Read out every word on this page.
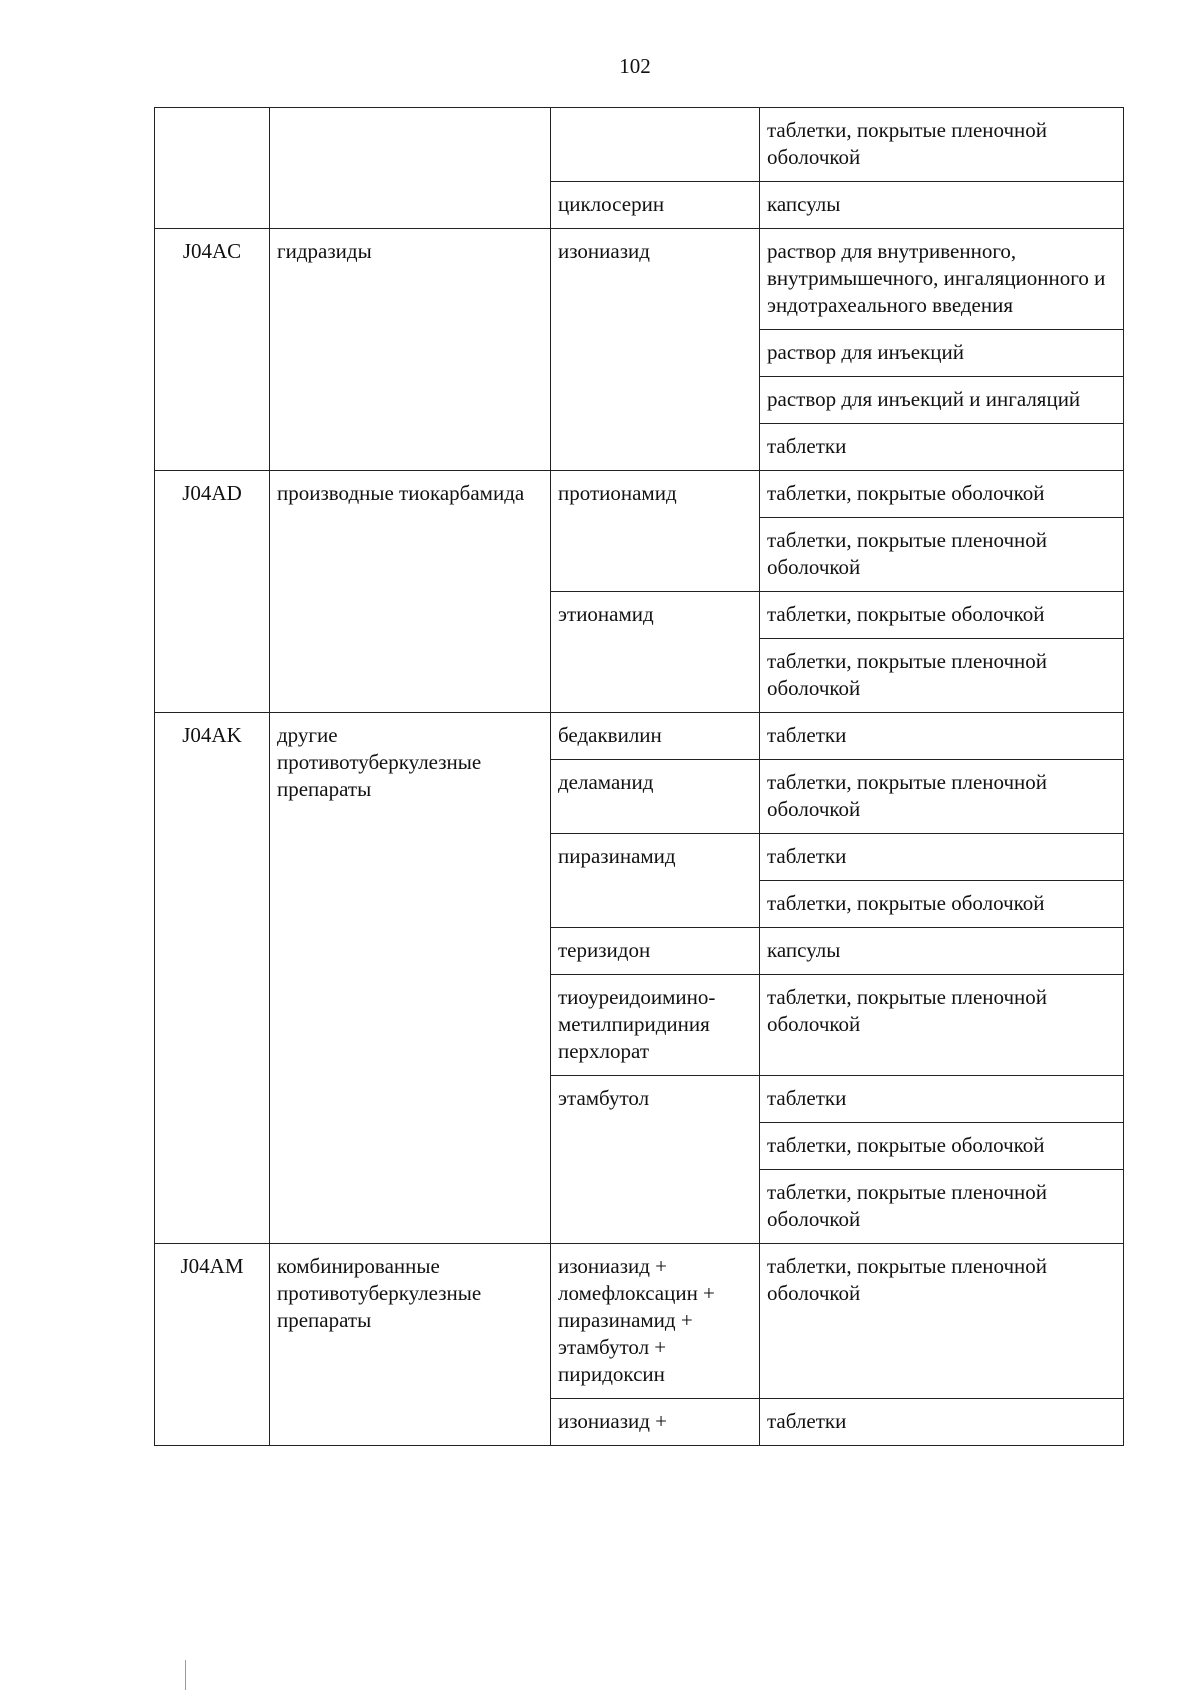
102
			таблетки, покрытые пленочной оболочкой
		циклосерин	капсулы
J04AC	гидразиды	изониазид	раствор для внутривенного, внутримышечного, ингаляционного и эндотрахеального введения
			раствор для инъекций
			раствор для инъекций и ингаляций
			таблетки
J04AD	производные тиокарбамида	протионамид	таблетки, покрытые оболочкой
			таблетки, покрытые пленочной оболочкой
		этионамид	таблетки, покрытые оболочкой
			таблетки, покрытые пленочной оболочкой
J04AK	другие противотуберкулезные препараты	бедаквилин	таблетки
		деламанид	таблетки, покрытые пленочной оболочкой
		пиразинамид	таблетки
			таблетки, покрытые оболочкой
		теризидон	капсулы
		тиоуреидоимино-
метилпиридиния
перхлорат	таблетки, покрытые пленочной оболочкой
		этамбутол	таблетки
			таблетки, покрытые оболочкой
			таблетки, покрытые пленочной оболочкой
J04AM	комбинированные противотуберкулезные препараты	изониазид + ломефлоксацин + пиразинамид + этамбутол + пиридоксин	таблетки, покрытые пленочной оболочкой
		изониазид +	таблетки
